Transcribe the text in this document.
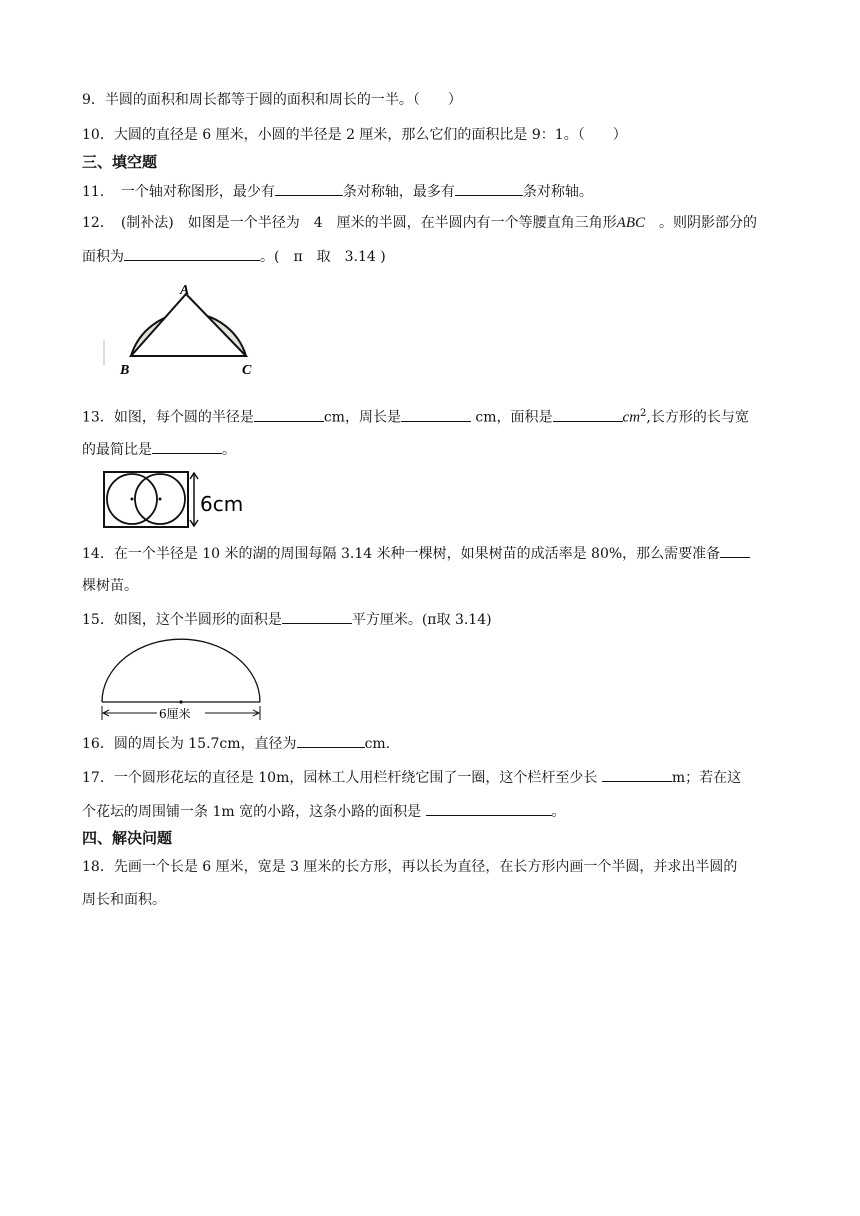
9．半圆的面积和周长都等于圆的面积和周长的一半。（　　）
10．大圆的直径是 6 厘米，小圆的半径是 2 厘米，那么它们的面积比是 9：1。（　　）
三、填空题
11．　一个轴对称图形，最少有	条对称轴，最多有	条对称轴。
12．　(制补法)　如图是一个半径为　4　厘米的半圆，在半圆内有一个等腰直角三角形ABC　 。则阴影部分的
面积为	。(　π　取　3.14 )
A
B	C
13．如图，每个圆的半径是	cm，周长是	cm，面积是	$cm^2$,长方形的长与宽
的最简比是	。
6cm
14．在一个半径是 10 米的湖的周围每隔 3.14 米种一棵树，如果树苗的成活率是 80%，那么需要准备
棵树苗。
15．如图，这个半圆形的面积是	平方厘米。(π取 3.14)
6厘米
16．圆的周长为 15.7cm，直径为	cm.
17．一个圆形花坛的直径是 10m，园林工人用栏杆绕它围了一圈，这个栏杆至少长	m；若在这
个花坛的周围铺一条 1m 宽的小路，这条小路的面积是	。
四、解决问题
18．先画一个长是 6 厘米，宽是 3 厘米的长方形，再以长为直径，在长方形内画一个半圆，并求出半圆的
周长和面积。
